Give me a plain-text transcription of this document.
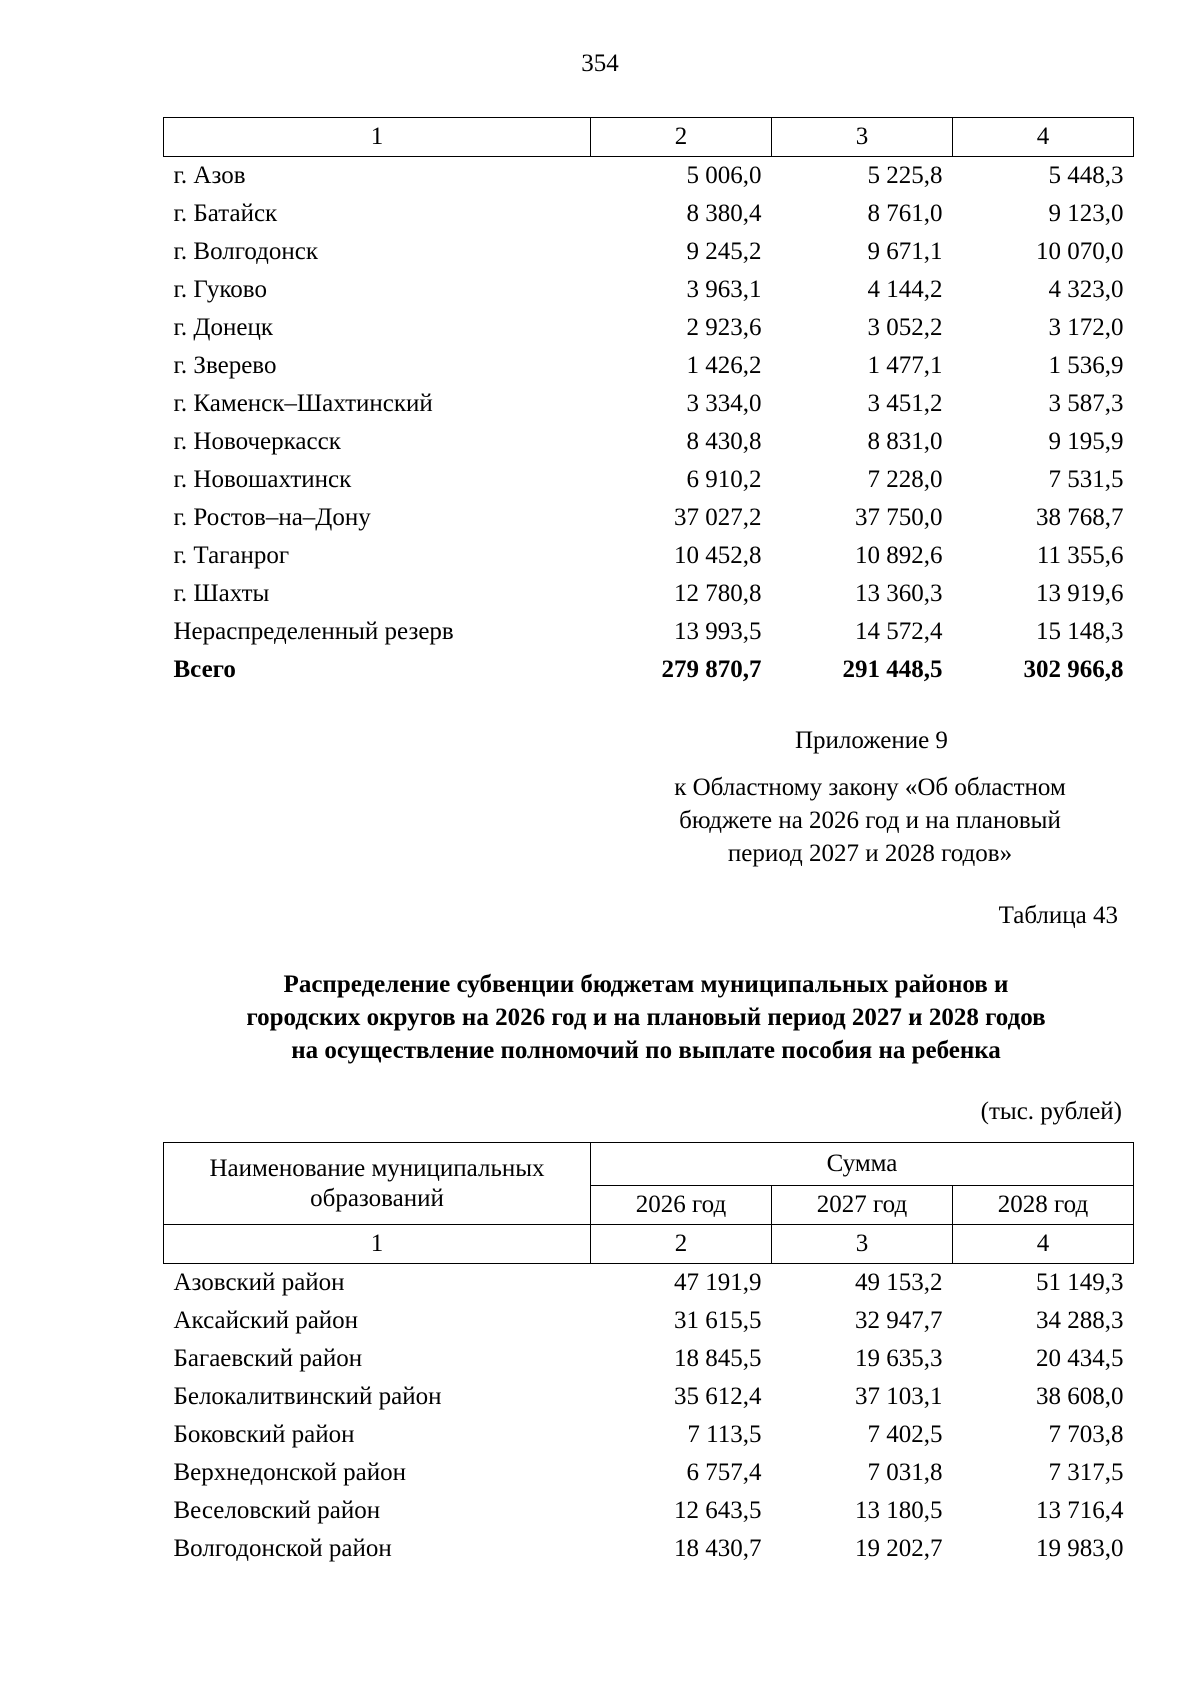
354
1	2	3	4
г. Азов	5 006,0	5 225,8	5 448,3
г. Батайск	8 380,4	8 761,0	9 123,0
г. Волгодонск	9 245,2	9 671,1	10 070,0
г. Гуково	3 963,1	4 144,2	4 323,0
г. Донецк	2 923,6	3 052,2	3 172,0
г. Зверево	1 426,2	1 477,1	1 536,9
г. Каменск–Шахтинский	3 334,0	3 451,2	3 587,3
г. Новочеркасск	8 430,8	8 831,0	9 195,9
г. Новошахтинск	6 910,2	7 228,0	7 531,5
г. Ростов–на–Дону	37 027,2	37 750,0	38 768,7
г. Таганрог	10 452,8	10 892,6	11 355,6
г. Шахты	12 780,8	13 360,3	13 919,6
Нераспределенный резерв	13 993,5	14 572,4	15 148,3
Всего	279 870,7	291 448,5	302 966,8
Приложение 9
к Областному закону «Об областном
бюджете на 2026 год и на плановый
период 2027 и 2028 годов»
Таблица 43
Распределение субвенции бюджетам муниципальных районов и
городских округов на 2026 год и на плановый период 2027 и 2028 годов
на осуществление полномочий по выплате пособия на ребенка
(тыс. рублей)
Наименование муниципальных
образований	Сумма		
	2026 год	2027 год	2028 год
1	2	3	4
Азовский район	47 191,9	49 153,2	51 149,3
Аксайский район	31 615,5	32 947,7	34 288,3
Багаевский район	18 845,5	19 635,3	20 434,5
Белокалитвинский район	35 612,4	37 103,1	38 608,0
Боковский район	7 113,5	7 402,5	7 703,8
Верхнедонской район	6 757,4	7 031,8	7 317,5
Веселовский район	12 643,5	13 180,5	13 716,4
Волгодонской район	18 430,7	19 202,7	19 983,0
